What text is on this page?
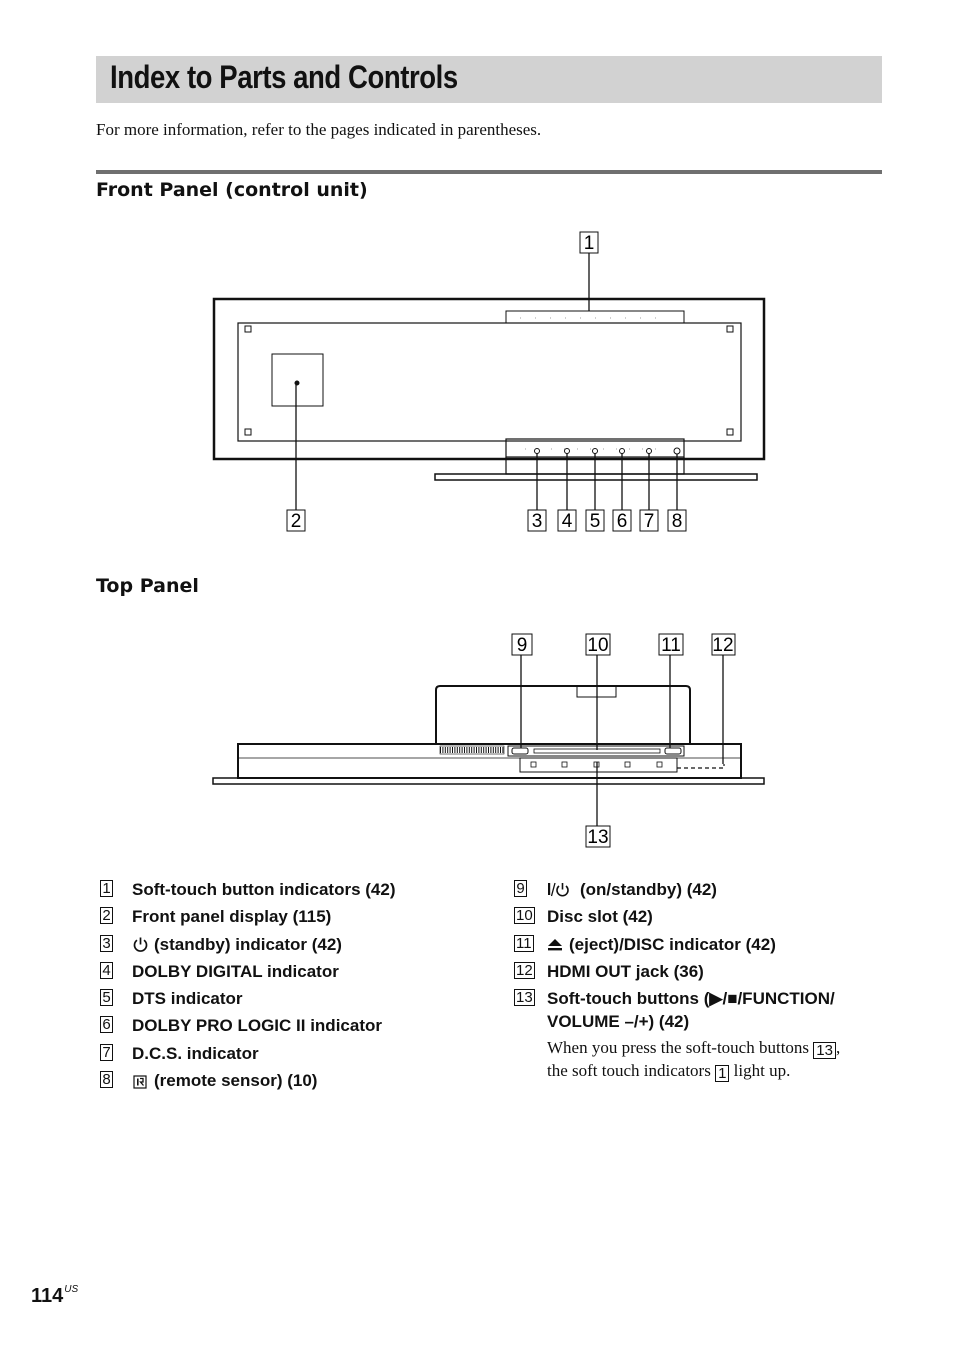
Index to Parts and Controls
For more information, refer to the pages indicated in parentheses.
Front Panel (control unit)
Top Panel
1
2	3 4 5 6 7 8
9	10	11 12
13
1 Soft-touch button indicators (42)
2 Front panel display (115)
3	(standby) indicator (42)
4 DOLBY DIGITAL indicator
5 DTS indicator
6 DOLBY PRO LOGIC II indicator
7 D.C.S. indicator
8	(remote sensor) (10)
9	(on/standby) (42)
10 Disc slot (42)
11 (eject)/DISC indicator (42)
12 HDMI OUT jack (36)
13 Soft-touch buttons (▶/■/FUNCTION/
VOLUME –/+) (42)
When you press the soft-touch buttons 13 ,
the soft touch indicators 1 light up.
$114^{US}$
